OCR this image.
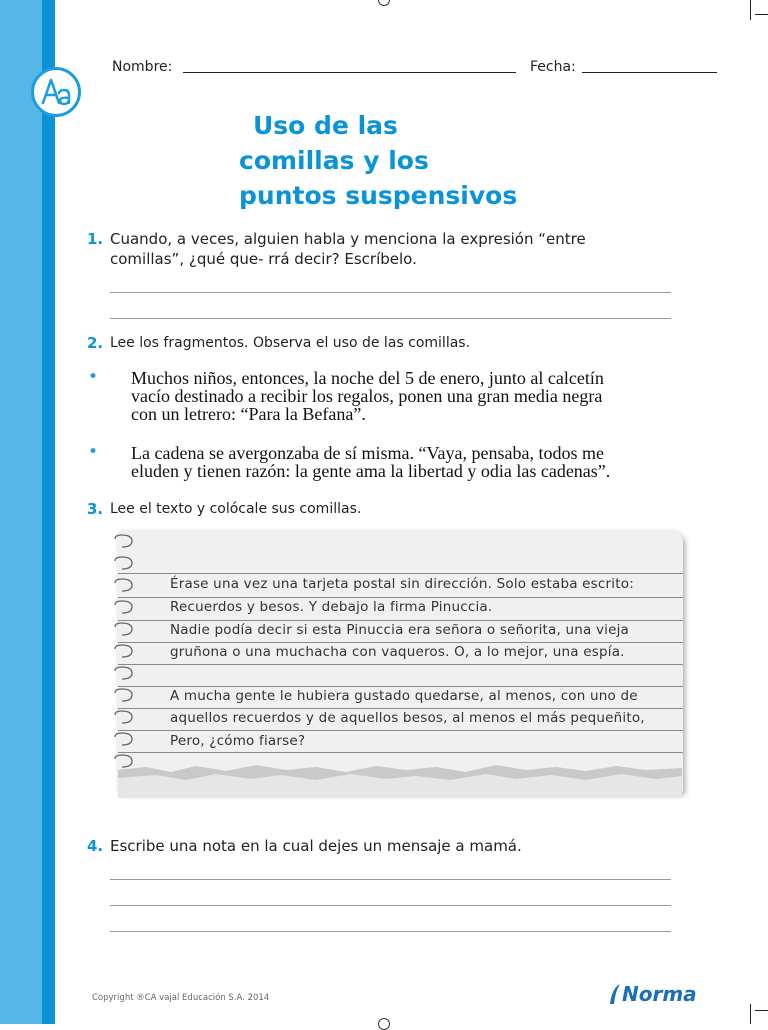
Nombre:	Fecha:
Uso de las
comillas y los
puntos suspensivos
1. Cuando, a veces, alguien habla y menciona la expresión “entre
comillas”, ¿qué que- rrá decir? Escríbelo.
2. Lee los fragmentos. Observa el uso de las comillas.
• Muchos niños, entonces, la noche del 5 de enero, junto al calcetín
vacío destinado a recibir los regalos, ponen una gran media negra
con un letrero: “Para la Befana”.
• La cadena se avergonzaba de sí misma. “Vaya, pensaba, todos me
eluden y tienen razón: la gente ama la libertad y odia las cadenas”.
3. Lee el texto y colócale sus comillas.
Érase una vez una tarjeta postal sin dirección. Solo estaba escrito:
Recuerdos y besos. Y debajo la firma Pinuccia.
Nadie podía decir si esta Pinuccia era señora o señorita, una vieja
gruñona o una muchacha con vaqueros. O, a lo mejor, una espía.
A mucha gente le hubiera gustado quedarse, al menos, con uno de
aquellos recuerdos y de aquellos besos, al menos el más pequeñito,
Pero, ¿cómo fiarse?
4. Escribe una nota en la cual dejes un mensaje a mamá.
Copyright ®CA vajal Educación S.A. 2014	Norma
